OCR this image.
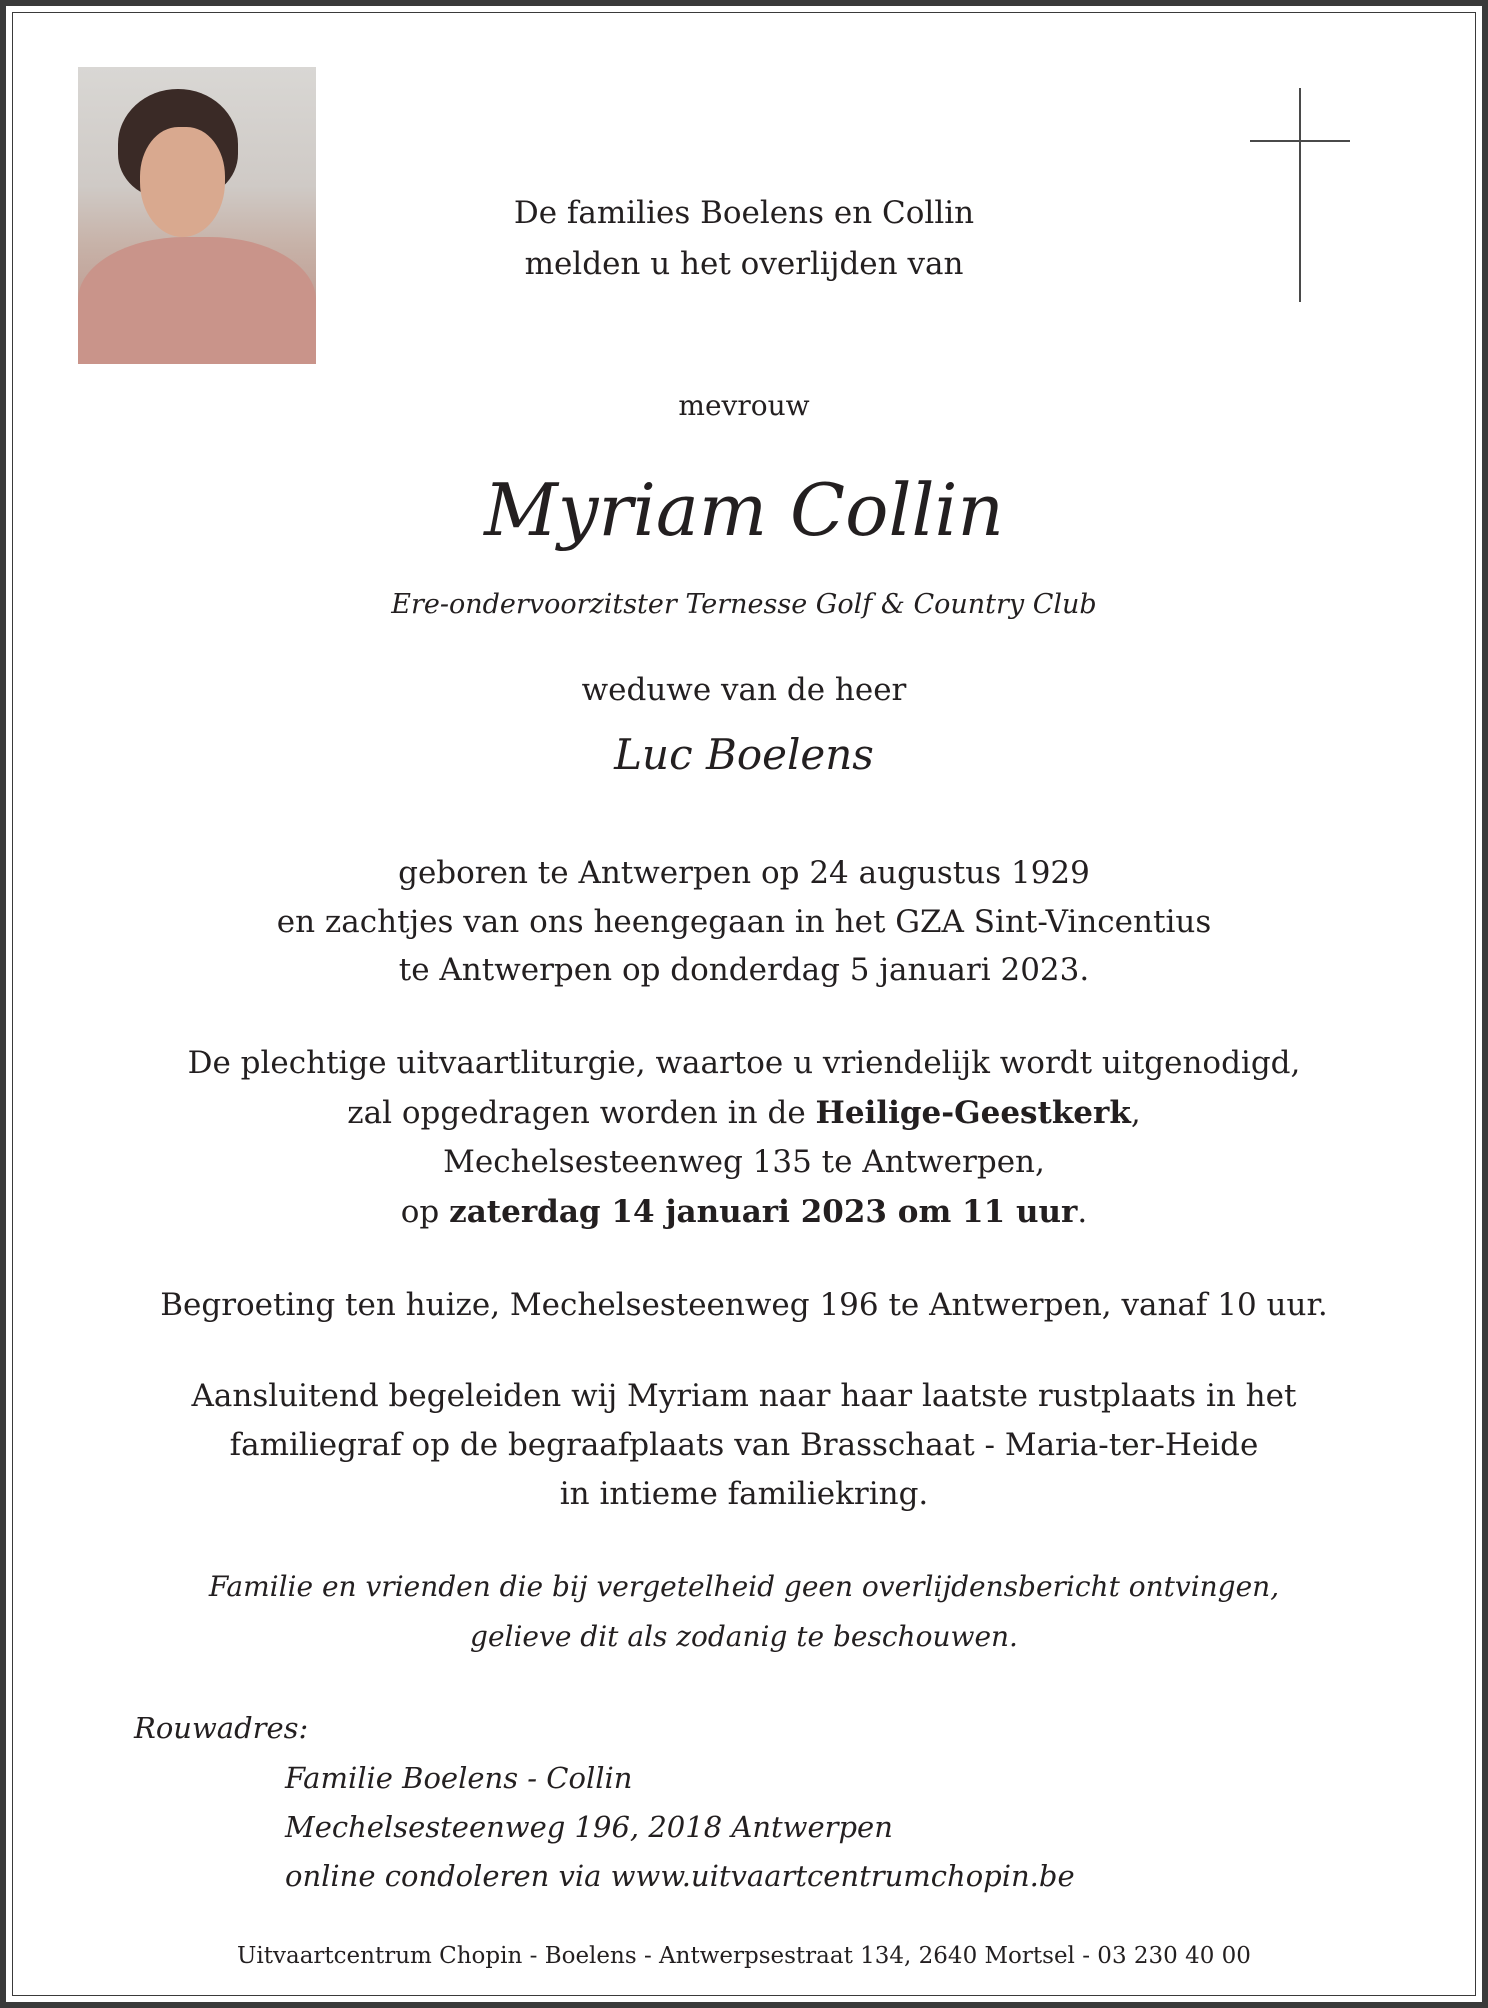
De families Boelens en Collin
melden u het overlijden van
mevrouw
Myriam Collin
Ere-ondervoorzitster Ternesse Golf & Country Club
weduwe van de heer
Luc Boelens
geboren te Antwerpen op 24 augustus 1929
en zachtjes van ons heengegaan in het GZA Sint-Vincentius
te Antwerpen op donderdag 5 januari 2023.
De plechtige uitvaartliturgie, waartoe u vriendelijk wordt uitgenodigd,
zal opgedragen worden in de Heilige-Geestkerk,
Mechelsesteenweg 135 te Antwerpen,
op zaterdag 14 januari 2023 om 11 uur.
Begroeting ten huize, Mechelsesteenweg 196 te Antwerpen, vanaf 10 uur.
Aansluitend begeleiden wij Myriam naar haar laatste rustplaats in het
familiegraf op de begraafplaats van Brasschaat - Maria-ter-Heide
in intieme familiekring.
Familie en vrienden die bij vergetelheid geen overlijdensbericht ontvingen,
gelieve dit als zodanig te beschouwen.
Rouwadres:
Familie Boelens - Collin
Mechelsesteenweg 196, 2018 Antwerpen
online condoleren via www.uitvaartcentrumchopin.be
Uitvaartcentrum Chopin - Boelens - Antwerpsestraat 134, 2640 Mortsel - 03 230 40 00
